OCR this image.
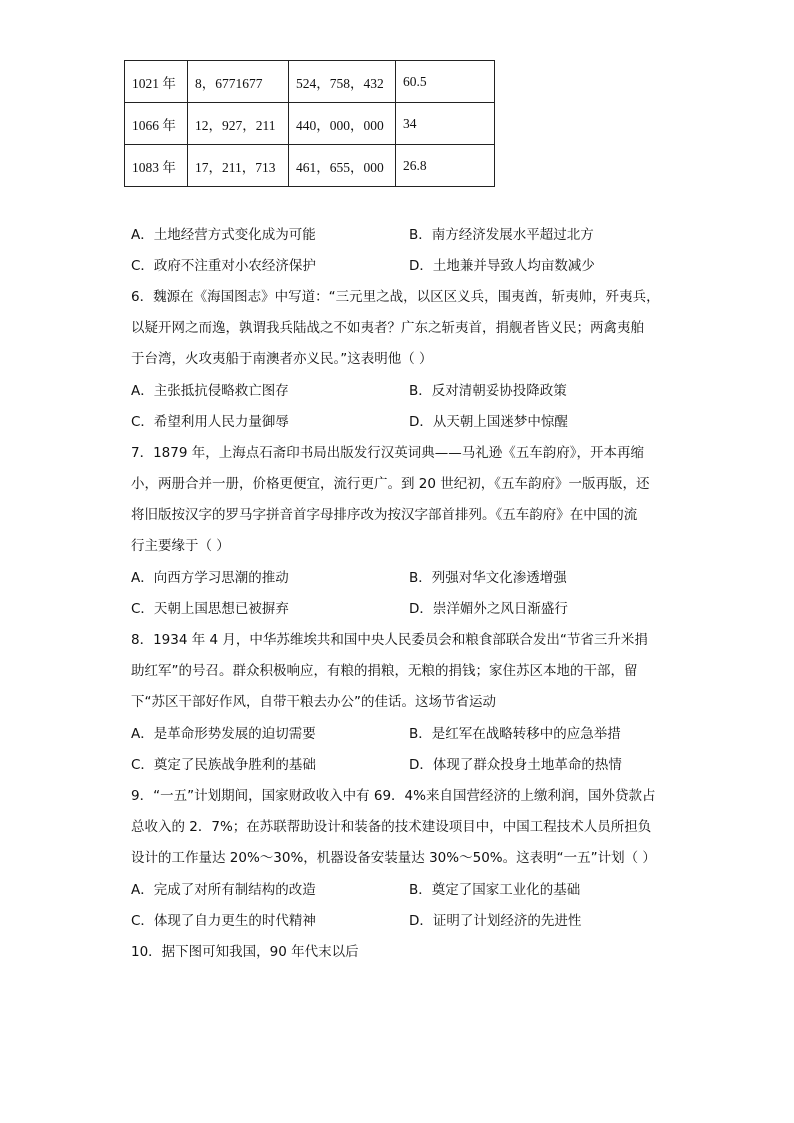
1021 年	8，6771677	524，758，432	60.5
1066 年	12，927，211	440，000，000	34
1083 年	17，211，713	461，655，000	26.8
A．土地经营方式变化成为可能	B．南方经济发展水平超过北方
C．政府不注重对小农经济保护	D．土地兼并导致人均亩数减少
6．魏源在《海国图志》中写道：“三元里之战，以区区义兵，围夷酋，斩夷帅，歼夷兵，
以疑开网之而逸，孰谓我兵陆战之不如夷者？广东之斩夷首，捐舰者皆义民；两禽夷舶
于台湾，火攻夷船于南澳者亦义民。”这表明他（ ）
A．主张抵抗侵略救亡图存	B．反对清朝妥协投降政策
C．希望利用人民力量御辱	D．从天朝上国迷梦中惊醒
7．1879 年，上海点石斋印书局出版发行汉英词典——马礼逊《五车韵府》，开本再缩
小，两册合并一册，价格更便宜，流行更广。到 20 世纪初，《五车韵府》一版再版，还
将旧版按汉字的罗马字拼音首字母排序改为按汉字部首排列。《五车韵府》在中国的流
行主要缘于（ ）
A．向西方学习思潮的推动	B．列强对华文化渗透增强
C．天朝上国思想已被摒弃	D．崇洋媚外之风日渐盛行
8．1934 年 4 月，中华苏维埃共和国中央人民委员会和粮食部联合发出“节省三升米捐
助红军”的号召。群众积极响应，有粮的捐粮，无粮的捐钱；家住苏区本地的干部，留
下“苏区干部好作风，自带干粮去办公”的佳话。这场节省运动
A．是革命形势发展的迫切需要	B．是红军在战略转移中的应急举措
C．奠定了民族战争胜利的基础	D．体现了群众投身土地革命的热情
9．“一五”计划期间，国家财政收入中有 69．4%来自国营经济的上缴利润，国外贷款占
总收入的 2．7%；在苏联帮助设计和装备的技术建设项目中，中国工程技术人员所担负
设计的工作量达 20%～30%，机器设备安装量达 30%～50%。这表明“一五”计划（ ）
A．完成了对所有制结构的改造	B．奠定了国家工业化的基础
C．体现了自力更生的时代精神	D．证明了计划经济的先进性
10．据下图可知我国，90 年代末以后
